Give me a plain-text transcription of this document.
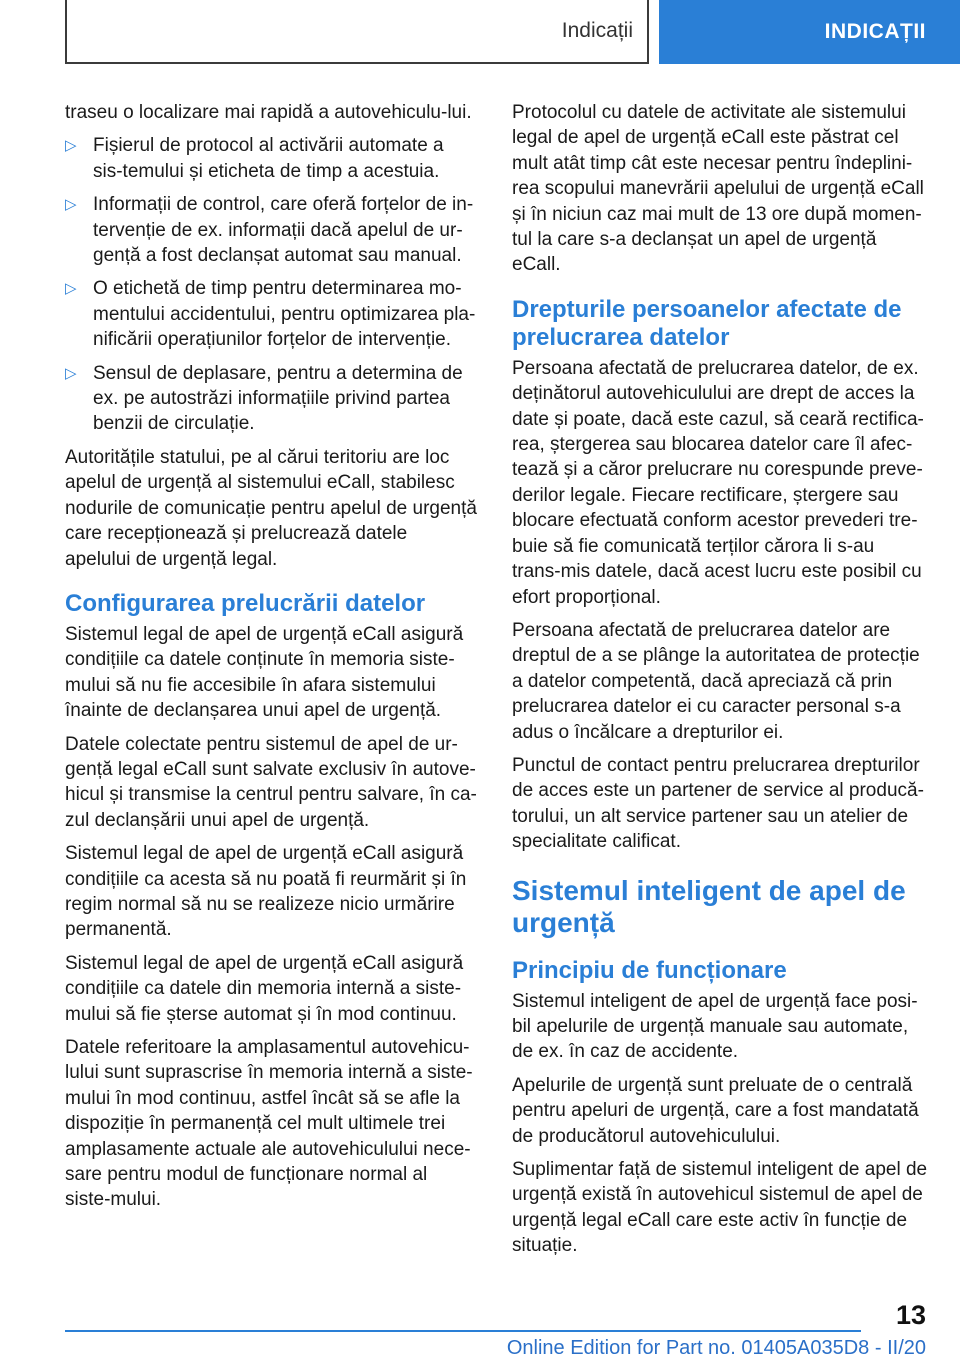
Indicații	INDICAȚII

traseu o localizare mai rapidă a autovehiculu-lui.

▷ Fișierul de protocol al activării automate a sis-temului și eticheta de timp a acestuia.
▷ Informații de control, care oferă forțelor de in-tervenție de ex. informații dacă apelul de ur-gență a fost declanșat automat sau manual.
▷ O etichetă de timp pentru determinarea mo-mentului accidentului, pentru optimizarea pla-nificării operațiunilor forțelor de intervenție.
▷ Sensul de deplasare, pentru a determina de ex. pe autostrăzi informațiile privind partea benzii de circulație.

Autoritățile statului, pe al cărui teritoriu are loc apelul de urgență al sistemului eCall, stabilesc nodurile de comunicație pentru apelul de urgență care recepționează și prelucrează datele apelului de urgență legal.

Configurarea prelucrării datelor

Sistemul legal de apel de urgență eCall asigură condițiile ca datele conținute în memoria siste-mului să nu fie accesibile în afara sistemului înainte de declanșarea unui apel de urgență.

Datele colectate pentru sistemul de apel de ur-gență legal eCall sunt salvate exclusiv în autove-hicul și transmise la centrul pentru salvare, în ca-zul declanșării unui apel de urgență.

Sistemul legal de apel de urgență eCall asigură condițiile ca acesta să nu poată fi reurmărit și în regim normal să nu se realizeze nicio urmărire permanentă.

Sistemul legal de apel de urgență eCall asigură condițiile ca datele din memoria internă a siste-mului să fie șterse automat și în mod continuu.

Datele referitoare la amplasamentul autovehicu-lului sunt suprascrise în memoria internă a siste-mului în mod continuu, astfel încât să se afle la dispoziție în permanență cel mult ultimele trei amplasamente actuale ale autovehiculului nece-sare pentru modul de funcționare normal al siste-mului.

Protocolul cu datele de activitate ale sistemului legal de apel de urgență eCall este păstrat cel mult atât timp cât este necesar pentru îndeplini-rea scopului manevrării apelului de urgență eCall și în niciun caz mai mult de 13 ore după momen-tul la care s-a declanșat un apel de urgență eCall.

Drepturile persoanelor afectate de prelucrarea datelor

Persoana afectată de prelucrarea datelor, de ex. deținătorul autovehiculului are drept de acces la date și poate, dacă este cazul, să ceară rectifica-rea, ștergerea sau blocarea datelor care îl afec-tează și a căror prelucrare nu corespunde preve-derilor legale. Fiecare rectificare, ștergere sau blocare efectuată conform acestor prevederi tre-buie să fie comunicată terților cărora li s-au trans-mis datele, dacă acest lucru este posibil cu efort proporțional.

Persoana afectată de prelucrarea datelor are dreptul de a se plânge la autoritatea de protecție a datelor competentă, dacă apreciază că prin prelucrarea datelor ei cu caracter personal s-a adus o încălcare a drepturilor ei.

Punctul de contact pentru prelucrarea drepturilor de acces este un partener de service al producă-torului, un alt service partener sau un atelier de specialitate calificat.

Sistemul inteligent de apel de urgență
Principiu de funcționare

Sistemul inteligent de apel de urgență face posi-bil apelurile de urgență manuale sau automate, de ex. în caz de accidente.

Apelurile de urgență sunt preluate de o centrală pentru apeluri de urgență, care a fost mandatată de producătorul autovehiculului.

Suplimentar față de sistemul inteligent de apel de urgență există în autovehicul sistemul de apel de urgență legal eCall care este activ în funcție de situație.

13
Online Edition for Part no. 01405A035D8 - II/20
